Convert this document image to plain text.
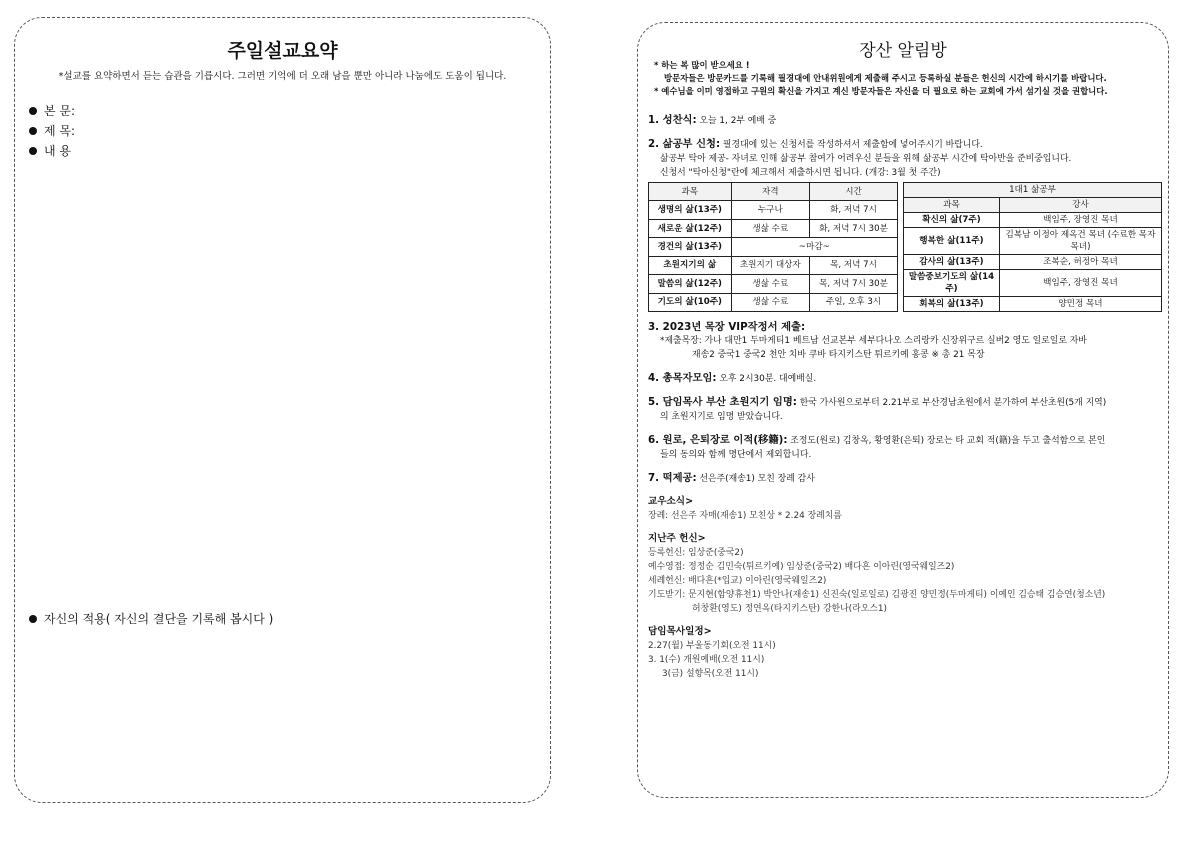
주일설교요약
*설교를 요약하면서 듣는 습관을 기릅시다. 그러면 기억에 더 오래 남을 뿐만 아니라 나눔에도 도움이 됩니다.
본 문:
제 목:
내 용
자신의 적용( 자신의 결단을 기록해 봅시다 )
장산 알림방
* 하는 복 많이 받으세요 !
방문자들은 방문카드를 기록해 필경대에 안내위원에게 제출해 주시고 등록하실 분들은 헌신의 시간에 하시기를 바랍니다.
* 예수님을 이미 영접하고 구원의 확신을 가지고 계신 방문자들은 자신을 더 필요로 하는 교회에 가서 섬기실 것을 권합니다.
1. 성찬식: 오늘 1, 2부 예배 중
2. 삶공부 신청: 필경대에 있는 신청서를 작성하셔서 제출함에 넣어주시기 바랍니다.
삶공부 탁아 제공- 자녀로 인해 삶공부 참여가 어려우신 분들을 위해 삶공부 시간에 탁아반을 준비중입니다.
신청서 "탁아신청"란에 체크해서 제출하시면 됩니다. (개강: 3월 첫 주간)
과목	자격	시간
생명의 삶(13주)	누구나	화, 저녁 7시
새로운 삶(12주)	생삶 수료	화, 저녁 7시 30분
경건의 삶(13주)	~마감~	
초원지기의 삶	초원지기 대상자	목, 저녁 7시
말씀의 삶(12주)	생삶 수료	목, 저녁 7시 30분
기도의 삶(10주)	생삶 수료	주일, 오후 3시
1대1 삶공부	
과목	강사
확신의 삶(7주)	백임주, 장영진 목녀
행복한 삶(11주)	김복남 이정아 제옥건 목녀 (수료한 목자목녀)
감사의 삶(13주)	조복순, 허정아 목녀
말씀중보기도의 삶(14주)	백임주, 장영진 목녀
회복의 삶(13주)	양민정 목녀
3. 2023년 목장 VIP작정서 제출:
*제출목장: 가나 대만1 두마게티1 베트남 선교본부 세부다나오 스리랑카 신장위구르 실버2 영도 일로일로 자바
재송2 중국1 중국2 천안 치바 쿠바 타지키스탄 튀르키예 홍콩 ※ 총 21 목장
4. 총목자모임: 오후 2시30분. 대예배실.
5. 담임목사 부산 초원지기 임명: 한국 가사원으로부터 2.21부로 부산경남초원에서 분가하여 부산초원(5개 지역)
의 초원지기로 임명 받았습니다.
6. 원로, 은퇴장로 이적(移籍): 조정도(원로) 김창옥, 황영환(은퇴) 장로는 타 교회 적(籍)을 두고 출석함으로 본인
들의 동의와 함께 명단에서 제외합니다.
7. 떡제공: 선은주(재송1) 모친 장례 감사
교우소식>
장례: 선은주 자매(재송1) 모친상 * 2.24 장례치름
지난주 헌신>
등록헌신: 임상준(중국2)
예수영접: 정정순 김민숙(튀르키예) 임상준(중국2) 배다흔 이아린(영국웨일즈2)
세례헌신: 배다흔(*입교) 이아린(영국웨일즈2)
기도받기: 문지현(함양휴천1) 박안나(재송1) 신진숙(일로일로) 김광진 양민정(두마게티) 이예인 김승태 김승연(청소년)
허창환(영도) 정연옥(타지키스탄) 강한나(라오스1)
담임목사일정>
2.27(월) 부울동기회(오전 11시)
3. 1(수) 개원예배(오전 11시)
3(금) 설향목(오전 11시)
